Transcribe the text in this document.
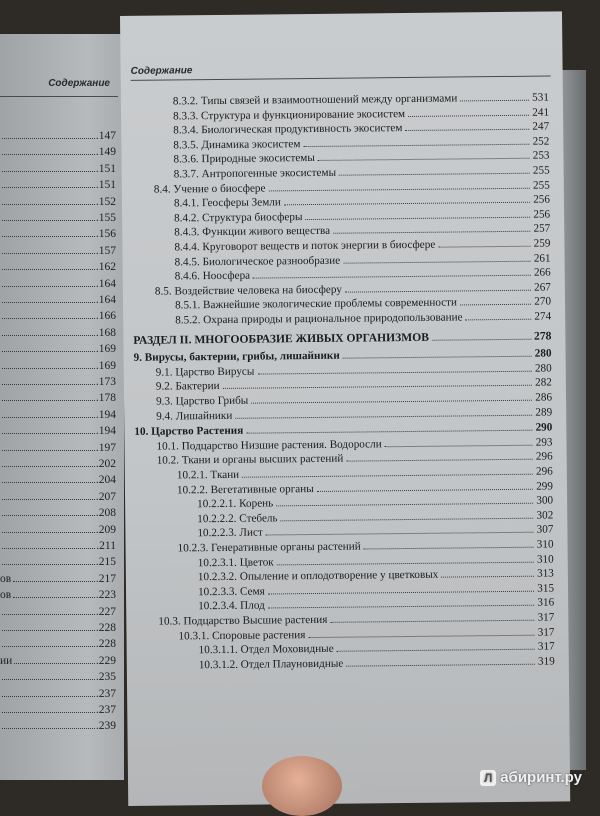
Содержание
.147
.149
.151
.151
.152
.155
.156
.157
.162
.164
.164
.166
.168
.169
.169
.173
.178
.194
.194
.197
.202
.204
.207
.208
.209
.211
.215
ов	.217
ов	.223
.227
.228
.228
ии	.229
.235
.237
.237
.239
Содержание
8.3.2. Типы связей и взаимоотношений между организмами	531
8.3.3. Структура и функционирование экосистем	241
8.3.4. Биологическая продуктивность экосистем	247
8.3.5. Динамика экосистем	252
8.3.6. Природные экосистемы	253
8.3.7. Антропогенные экосистемы	255
8.4. Учение о биосфере	255
8.4.1. Геосферы Земли	256
8.4.2. Структура биосферы	256
8.4.3. Функции живого вещества	257
8.4.4. Круговорот веществ и поток энергии в биосфере	259
8.4.5. Биологическое разнообразие	261
8.4.6. Ноосфера	266
8.5. Воздействие человека на биосферу	267
8.5.1. Важнейшие экологические проблемы современности	270
8.5.2. Охрана природы и рациональное природопользование	274
РАЗДЕЛ II. МНОГООБРАЗИЕ ЖИВЫХ ОРГАНИЗМОВ	278
9. Вирусы, бактерии, грибы, лишайники	280
9.1. Царство Вирусы	280
9.2. Бактерии	282
9.3. Царство Грибы	286
9.4. Лишайники	289
10. Царство Растения	290
10.1. Подцарство Низшие растения. Водоросли	293
10.2. Ткани и органы высших растений	296
10.2.1. Ткани	296
10.2.2. Вегетативные органы	299
10.2.2.1. Корень	300
10.2.2.2. Стебель	302
10.2.2.3. Лист	307
10.2.3. Генеративные органы растений	310
10.2.3.1. Цветок	310
10.2.3.2. Опыление и оплодотворение у цветковых	313
10.2.3.3. Семя	315
10.2.3.4. Плод	316
10.3. Подцарство Высшие растения	317
10.3.1. Споровые растения	317
10.3.1.1. Отдел Моховидные	317
10.3.1.2. Отдел Плауновидные	319
Л абиринт.ру
